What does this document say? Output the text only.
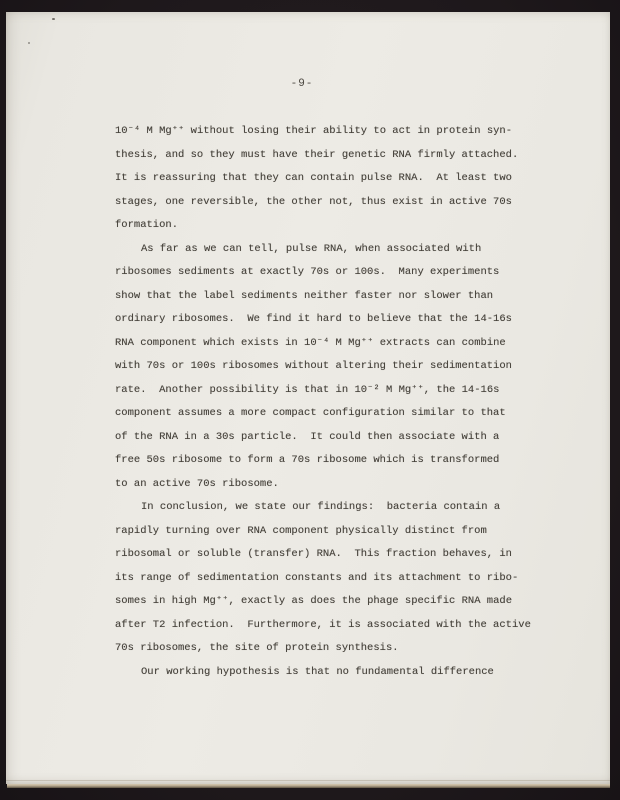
-9-
10⁻⁴ M Mg⁺⁺ without losing their ability to act in protein syn-
thesis, and so they must have their genetic RNA firmly attached.
It is reassuring that they can contain pulse RNA.  At least two
stages, one reversible, the other not, thus exist in active 70s
formation.
As far as we can tell, pulse RNA, when associated with
ribosomes sediments at exactly 70s or 100s.  Many experiments
show that the label sediments neither faster nor slower than
ordinary ribosomes.  We find it hard to believe that the 14-16s
RNA component which exists in 10⁻⁴ M Mg⁺⁺ extracts can combine
with 70s or 100s ribosomes without altering their sedimentation
rate.  Another possibility is that in 10⁻² M Mg⁺⁺, the 14-16s
component assumes a more compact configuration similar to that
of the RNA in a 30s particle.  It could then associate with a
free 50s ribosome to form a 70s ribosome which is transformed
to an active 70s ribosome.
In conclusion, we state our findings:  bacteria contain a
rapidly turning over RNA component physically distinct from
ribosomal or soluble (transfer) RNA.  This fraction behaves, in
its range of sedimentation constants and its attachment to ribo-
somes in high Mg⁺⁺, exactly as does the phage specific RNA made
after T2 infection.  Furthermore, it is associated with the active
70s ribosomes, the site of protein synthesis.
Our working hypothesis is that no fundamental difference
